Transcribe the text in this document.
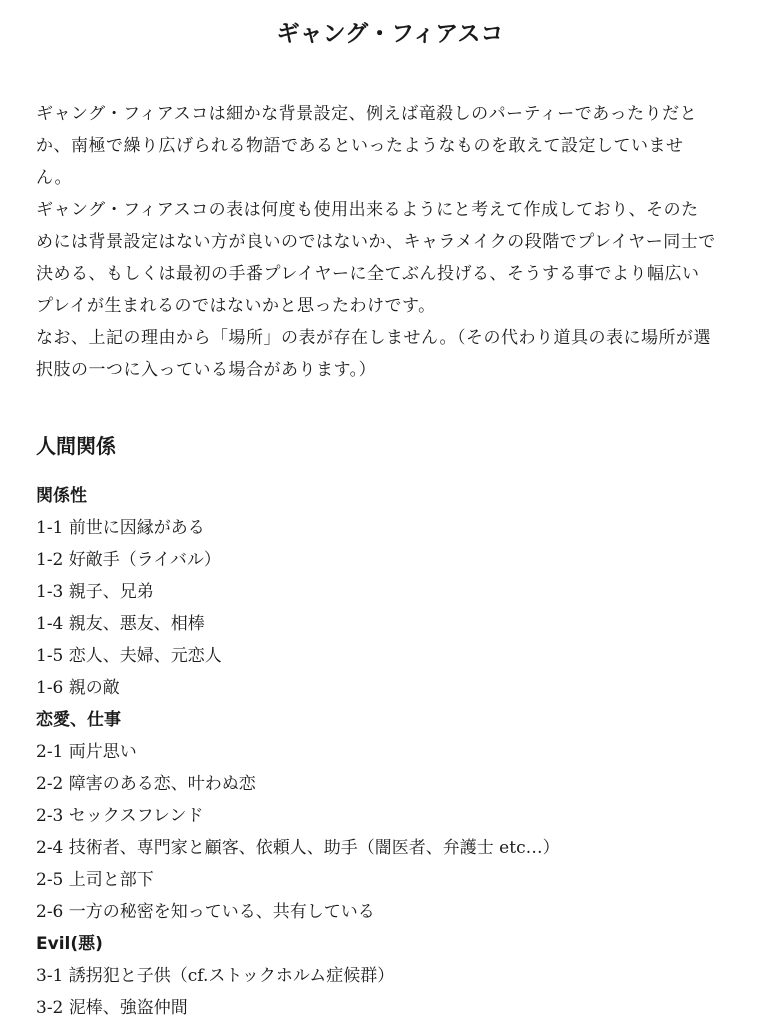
ギャング・フィアスコ

ギャング・フィアスコは細かな背景設定、例えば竜殺しのパーティーであったりだとか、南極で繰り広げられる物語であるといったようなものを敢えて設定していません。

ギャング・フィアスコの表は何度も使用出来るようにと考えて作成しており、そのためには背景設定はない方が良いのではないか、キャラメイクの段階でプレイヤー同士で決める、もしくは最初の手番プレイヤーに全てぶん投げる、そうする事でより幅広いプレイが生まれるのではないかと思ったわけです。

なお、上記の理由から「場所」の表が存在しません。（その代わり道具の表に場所が選択肢の一つに入っている場合があります。）

人間関係
関係性

1-1 前世に因縁がある

1-2 好敵手（ライバル）

1-3 親子、兄弟

1-4 親友、悪友、相棒

1-5 恋人、夫婦、元恋人

1-6 親の敵

恋愛、仕事

2-1 両片思い

2-2 障害のある恋、叶わぬ恋

2-3 セックスフレンド

2-4 技術者、専門家と顧客、依頼人、助手（闇医者、弁護士 etc…）

2-5 上司と部下

2-6 一方の秘密を知っている、共有している

Evil(悪)

3-1 誘拐犯と子供（cf.ストックホルム症候群）

3-2 泥棒、強盗仲間
